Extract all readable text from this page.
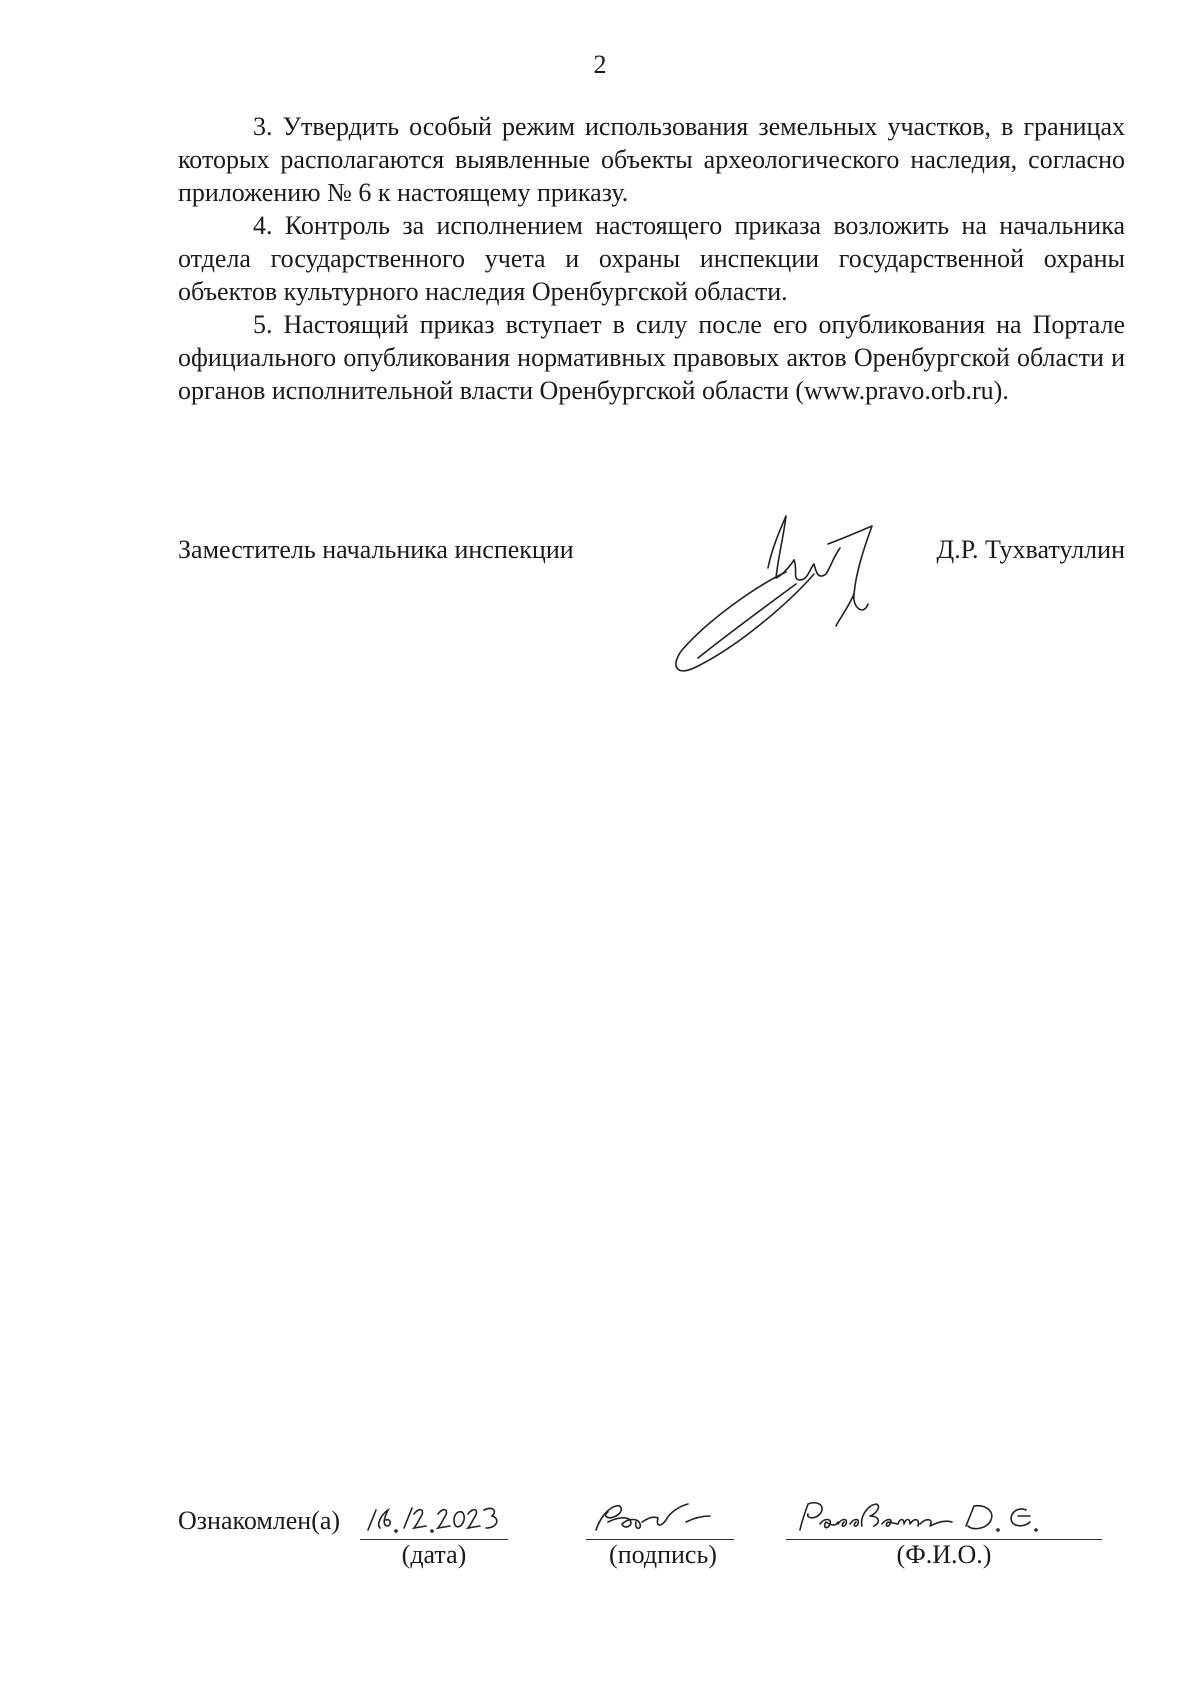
2

3. Утвердить особый режим использования земельных участков, в границах которых располагаются выявленные объекты археологического наследия, согласно приложению № 6 к настоящему приказу.

4. Контроль за исполнением настоящего приказа возложить на начальника отдела государственного учета и охраны инспекции государственной охраны объектов культурного наследия Оренбургской области.

5. Настоящий приказ вступает в силу после его опубликования на Портале официального опубликования нормативных правовых актов Оренбургской области и органов исполнительной власти Оренбургской области (www.pravo.orb.ru).

Заместитель начальника инспекции	Д.Р. Тухватуллин
Ознакомлен(а)
(дата)	(подпись)	(Ф.И.О.)
